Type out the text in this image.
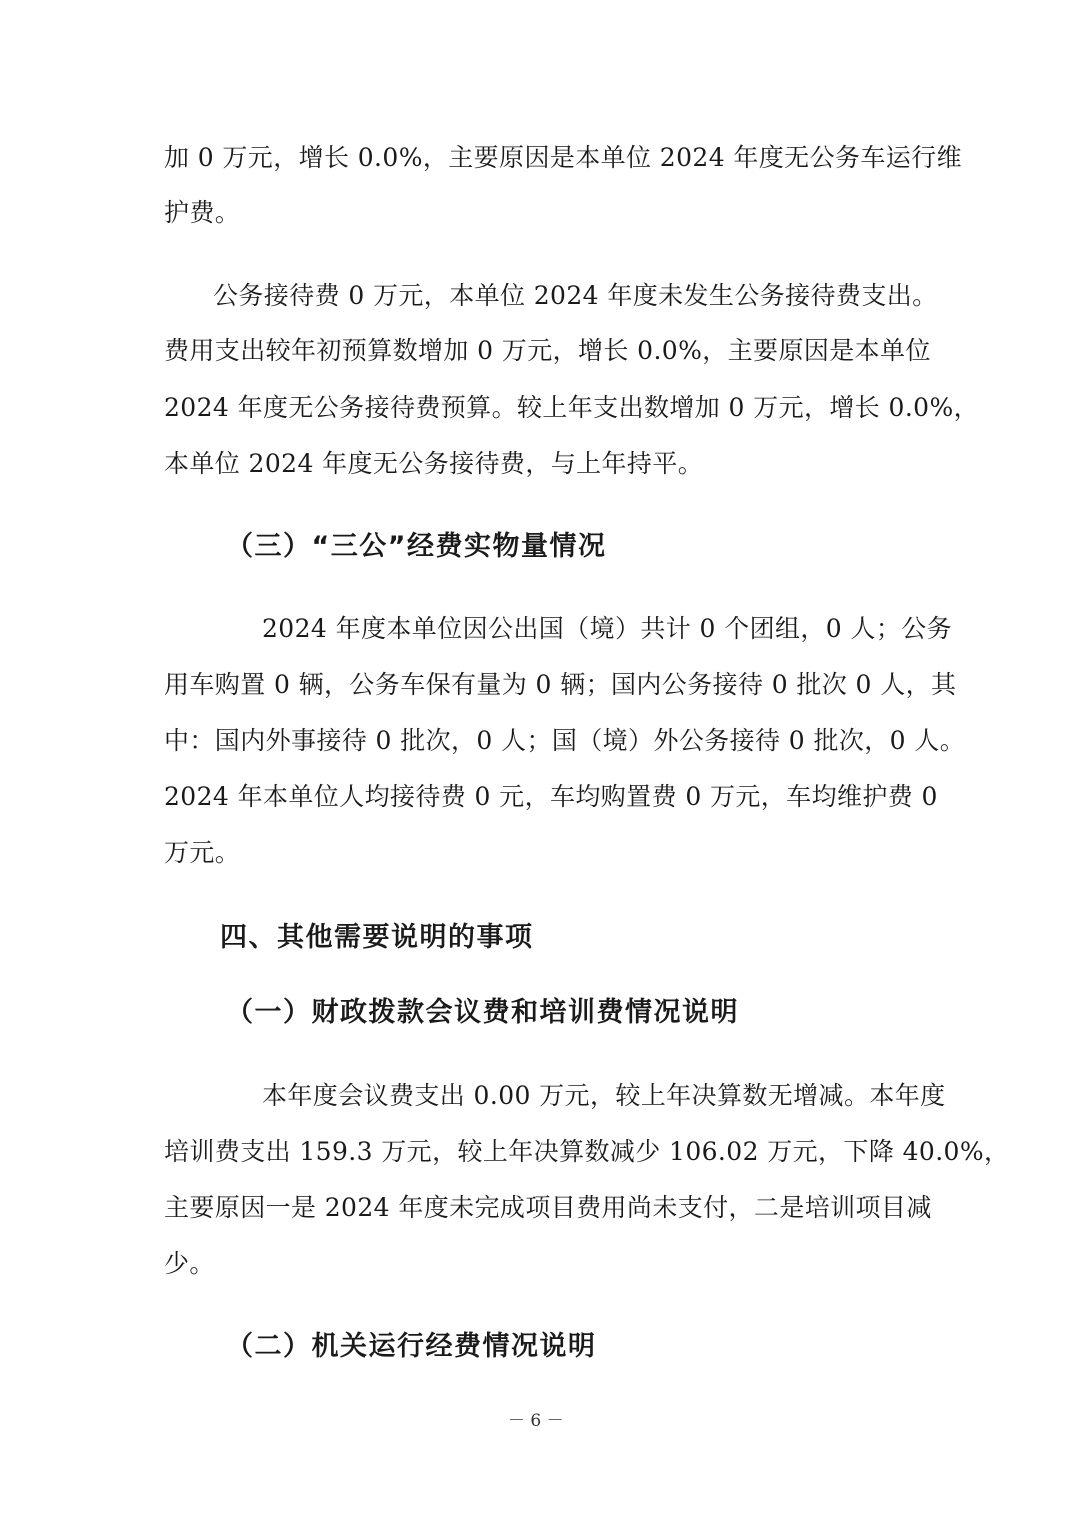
加 0 万元，增长 0.0%，主要原因是本单位 2024 年度无公务车运行维
护费。
公务接待费 0 万元，本单位 2024 年度未发生公务接待费支出。
费用支出较年初预算数增加 0 万元，增长 0.0%，主要原因是本单位
2024 年度无公务接待费预算。较上年支出数增加 0 万元，增长 0.0%，
本单位 2024 年度无公务接待费，与上年持平。
（三）“三公”经费实物量情况
2024 年度本单位因公出国（境）共计 0 个团组，0 人；公务
用车购置 0 辆，公务车保有量为 0 辆；国内公务接待 0 批次 0 人，其
中：国内外事接待 0 批次，0 人；国（境）外公务接待 0 批次，0 人。
2024 年本单位人均接待费 0 元，车均购置费 0 万元，车均维护费 0
万元。
四、其他需要说明的事项
（一）财政拨款会议费和培训费情况说明
本年度会议费支出 0.00 万元，较上年决算数无增减。本年度
培训费支出 159.3 万元，较上年决算数减少 106.02 万元，下降 40.0%，
主要原因一是 2024 年度未完成项目费用尚未支付，二是培训项目减
少。
（二）机关运行经费情况说明
－ 6 －
